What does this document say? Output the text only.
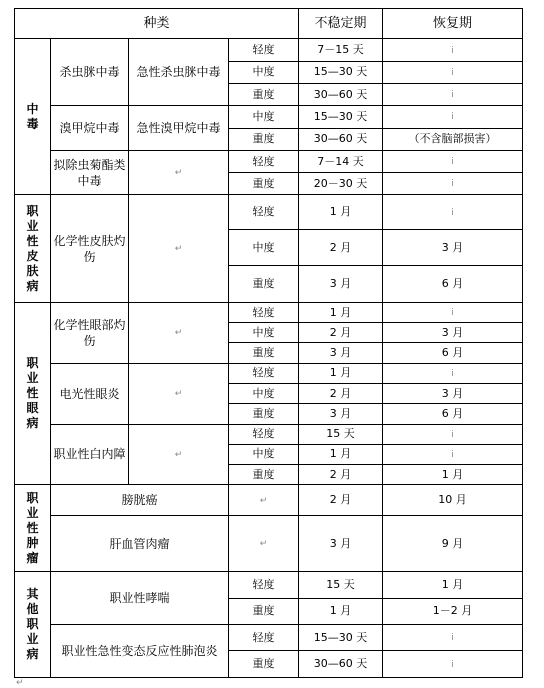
种类				不稳定期	恢复期
中毒	杀虫脒中毒	急性杀虫脒中毒	轻度	7－15 天	ⅰ
			中度	15—30 天	ⅰ
			重度	30—60 天	ⅰ
	溴甲烷中毒	急性溴甲烷中毒	中度	15—30 天	ⅰ
			重度	30—60 天	（不含脑部损害）
	拟除虫菊酯类中毒	↵	轻度	7－14 天	ⅰ
			重度	20－30 天	ⅰ
职业性皮肤病	化学性皮肤灼伤	↵	轻度	1 月	ⅰ
			中度	2 月	3 月
			重度	3 月	6 月
职业性眼病	化学性眼部灼伤	↵	轻度	1 月	ⅰ
			中度	2 月	3 月
			重度	3 月	6 月
	电光性眼炎	↵	轻度	1 月	ⅰ
			中度	2 月	3 月
			重度	3 月	6 月
	职业性白内障	↵	轻度	15 天	ⅰ
			中度	1 月	ⅰ
			重度	2 月	1 月
职业性肿瘤	膀胱癌		↵	2 月	10 月
	肝血管肉瘤		↵	3 月	9 月
其他职业病	职业性哮喘		轻度	15 天	1 月
			重度	1 月	1－2 月
	职业性急性变态反应性肺泡炎		轻度	15—30 天	ⅰ
			重度	30—60 天	ⅰ
↵
